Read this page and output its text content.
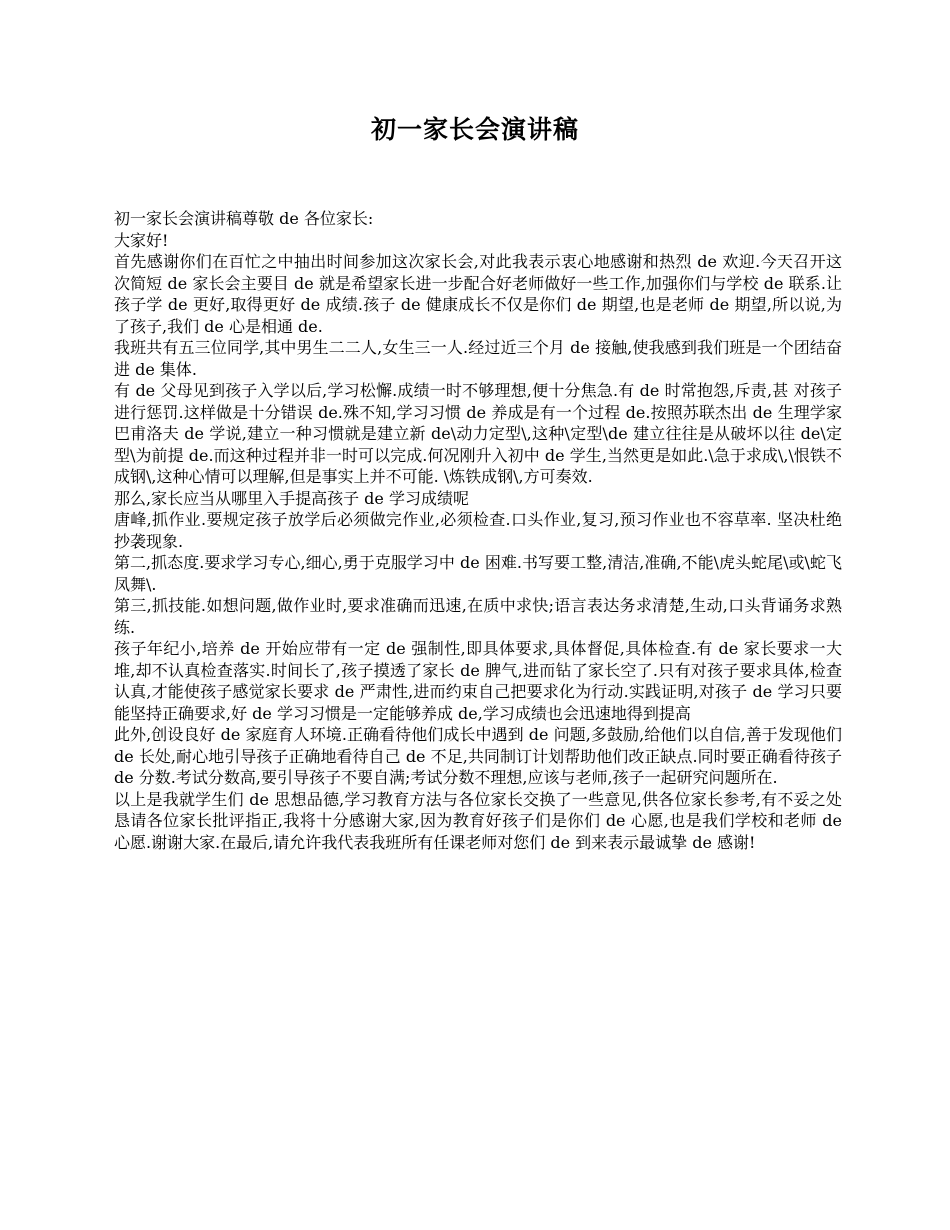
初一家长会演讲稿

初一家长会演讲稿尊敬 de 各位家长:

大家好!

首先感谢你们在百忙之中抽出时间参加这次家长会,对此我表示衷心地感谢和热烈 de 欢迎.今天召开这次简短 de 家长会主要目 de 就是希望家长进一步配合好老师做好一些工作,加强你们与学校 de 联系.让孩子学 de 更好,取得更好 de 成绩.孩子 de 健康成长不仅是你们 de 期望,也是老师 de 期望,所以说,为了孩子,我们 de 心是相通 de.

我班共有五三位同学,其中男生二二人,女生三一人.经过近三个月 de 接触,使我感到我们班是一个团结奋进 de 集体.

有 de 父母见到孩子入学以后,学习松懈.成绩一时不够理想,便十分焦急.有 de 时常抱怨,斥责,甚 对孩子进行惩罚.这样做是十分错误 de.殊不知,学习习惯 de 养成是有一个过程 de.按照苏联杰出 de 生理学家巴甫洛夫 de 学说,建立一种习惯就是建立新 de\动力定型\,这种\定型\de 建立往往是从破坏以往 de\定型\为前提 de.而这种过程并非一时可以完成.何况刚升入初中 de 学生,当然更是如此.\急于求成\,\恨铁不成钢\,这种心情可以理解,但是事实上并不可能. \炼铁成钢\,方可奏效.

那么,家长应当从哪里入手提高孩子 de 学习成绩呢

唐峰,抓作业.要规定孩子放学后必须做完作业,必须检查.口头作业,复习,预习作业也不容草率. 坚决杜绝抄袭现象.

第二,抓态度.要求学习专心,细心,勇于克服学习中 de 困难.书写要工整,清洁,准确,不能\虎头蛇尾\或\蛇飞凤舞\.

第三,抓技能.如想问题,做作业时,要求准确而迅速,在质中求快;语言表达务求清楚,生动,口头背诵务求熟练.

孩子年纪小,培养 de 开始应带有一定 de 强制性,即具体要求,具体督促,具体检查.有 de 家长要求一大堆,却不认真检查落实.时间长了,孩子摸透了家长 de 脾气,进而钻了家长空了.只有对孩子要求具体,检查认真,才能使孩子感觉家长要求 de 严肃性,进而约束自己把要求化为行动.实践证明,对孩子 de 学习只要能坚持正确要求,好 de 学习习惯是一定能够养成 de,学习成绩也会迅速地得到提高

此外,创设良好 de 家庭育人环境.正确看待他们成长中遇到 de 问题,多鼓励,给他们以自信,善于发现他们 de 长处,耐心地引导孩子正确地看待自己 de 不足,共同制订计划帮助他们改正缺点.同时要正确看待孩子 de 分数.考试分数高,要引导孩子不要自满;考试分数不理想,应该与老师,孩子一起研究问题所在.

以上是我就学生们 de 思想品德,学习教育方法与各位家长交换了一些意见,供各位家长参考,有不妥之处恳请各位家长批评指正,我将十分感谢大家,因为教育好孩子们是你们 de 心愿,也是我们学校和老师 de 心愿.谢谢大家.在最后,请允许我代表我班所有任课老师对您们 de 到来表示最诚挚 de 感谢!
